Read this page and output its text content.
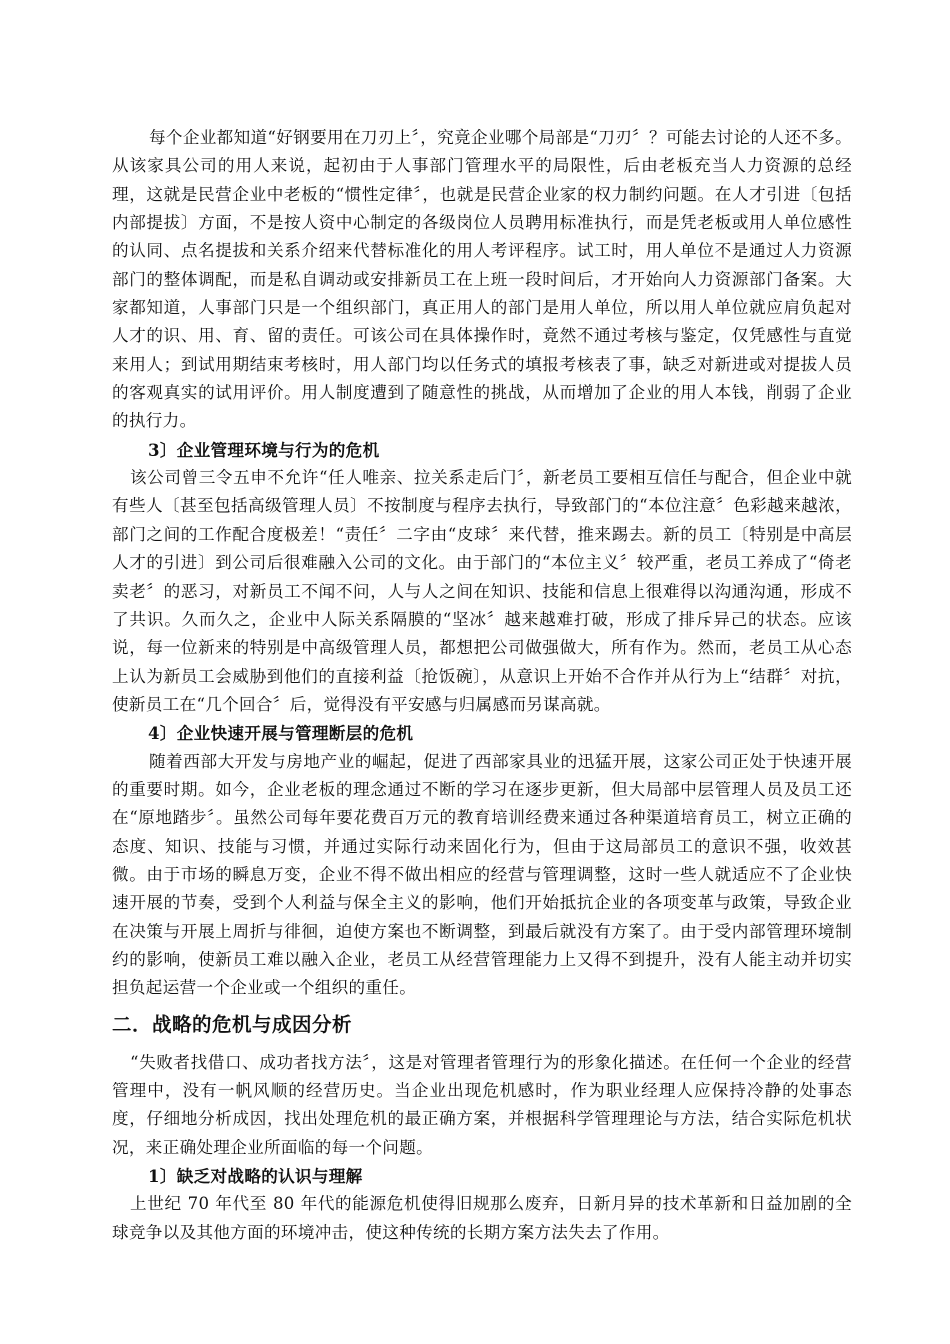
每个企业都知道“好钢要用在刀刃上〞，究竟企业哪个局部是“刀刃〞？可能去讨论的人还不多。从该家具公司的用人来说，起初由于人事部门管理水平的局限性，后由老板充当人力资源的总经理，这就是民营企业中老板的“惯性定律〞，也就是民营企业家的权力制约问题。在人才引进〔包括内部提拔〕方面，不是按人资中心制定的各级岗位人员聘用标准执行，而是凭老板或用人单位感性的认同、点名提拔和关系介绍来代替标准化的用人考评程序。试工时，用人单位不是通过人力资源部门的整体调配，而是私自调动或安排新员工在上班一段时间后，才开始向人力资源部门备案。大家都知道，人事部门只是一个组织部门，真正用人的部门是用人单位，所以用人单位就应肩负起对人才的识、用、育、留的责任。可该公司在具体操作时，竟然不通过考核与鉴定，仅凭感性与直觉来用人；到试用期结束考核时，用人部门均以任务式的填报考核表了事，缺乏对新进或对提拔人员的客观真实的试用评价。用人制度遭到了随意性的挑战，从而增加了企业的用人本钱，削弱了企业的执行力。

3〕企业管理环境与行为的危机

该公司曾三令五申不允许“任人唯亲、拉关系走后门〞，新老员工要相互信任与配合，但企业中就有些人〔甚至包括高级管理人员〕不按制度与程序去执行，导致部门的“本位注意〞色彩越来越浓，部门之间的工作配合度极差！“责任〞二字由“皮球〞来代替，推来踢去。新的员工〔特别是中高层人才的引进〕到公司后很难融入公司的文化。由于部门的“本位主义〞较严重，老员工养成了“倚老卖老〞的恶习，对新员工不闻不问，人与人之间在知识、技能和信息上很难得以沟通沟通，形成不了共识。久而久之，企业中人际关系隔膜的“坚冰〞越来越难打破，形成了排斥异己的状态。应该说，每一位新来的特别是中高级管理人员，都想把公司做强做大，所有作为。然而，老员工从心态上认为新员工会威胁到他们的直接利益〔抢饭碗〕，从意识上开始不合作并从行为上“结群〞对抗，使新员工在“几个回合〞后，觉得没有平安感与归属感而另谋高就。

4〕企业快速开展与管理断层的危机

随着西部大开发与房地产业的崛起，促进了西部家具业的迅猛开展，这家公司正处于快速开展的重要时期。如今，企业老板的理念通过不断的学习在逐步更新，但大局部中层管理人员及员工还在“原地踏步〞。虽然公司每年要花费百万元的教育培训经费来通过各种渠道培育员工，树立正确的态度、知识、技能与习惯，并通过实际行动来固化行为，但由于这局部员工的意识不强，收效甚微。由于市场的瞬息万变，企业不得不做出相应的经营与管理调整，这时一些人就适应不了企业快速开展的节奏，受到个人利益与保全主义的影响，他们开始抵抗企业的各项变革与政策，导致企业在决策与开展上周折与徘徊，迫使方案也不断调整，到最后就没有方案了。由于受内部管理环境制约的影响，使新员工难以融入企业，老员工从经营管理能力上又得不到提升，没有人能主动并切实担负起运营一个企业或一个组织的重任。

二．战略的危机与成因分析

“失败者找借口、成功者找方法〞，这是对管理者管理行为的形象化描述。在任何一个企业的经营管理中，没有一帆风顺的经营历史。当企业出现危机感时，作为职业经理人应保持冷静的处事态度，仔细地分析成因，找出处理危机的最正确方案，并根据科学管理理论与方法，结合实际危机状况，来正确处理企业所面临的每一个问题。

1〕缺乏对战略的认识与理解

上世纪 70 年代至 80 年代的能源危机使得旧规那么废弃，日新月异的技术革新和日益加剧的全球竞争以及其他方面的环境冲击，使这种传统的长期方案方法失去了作用。
